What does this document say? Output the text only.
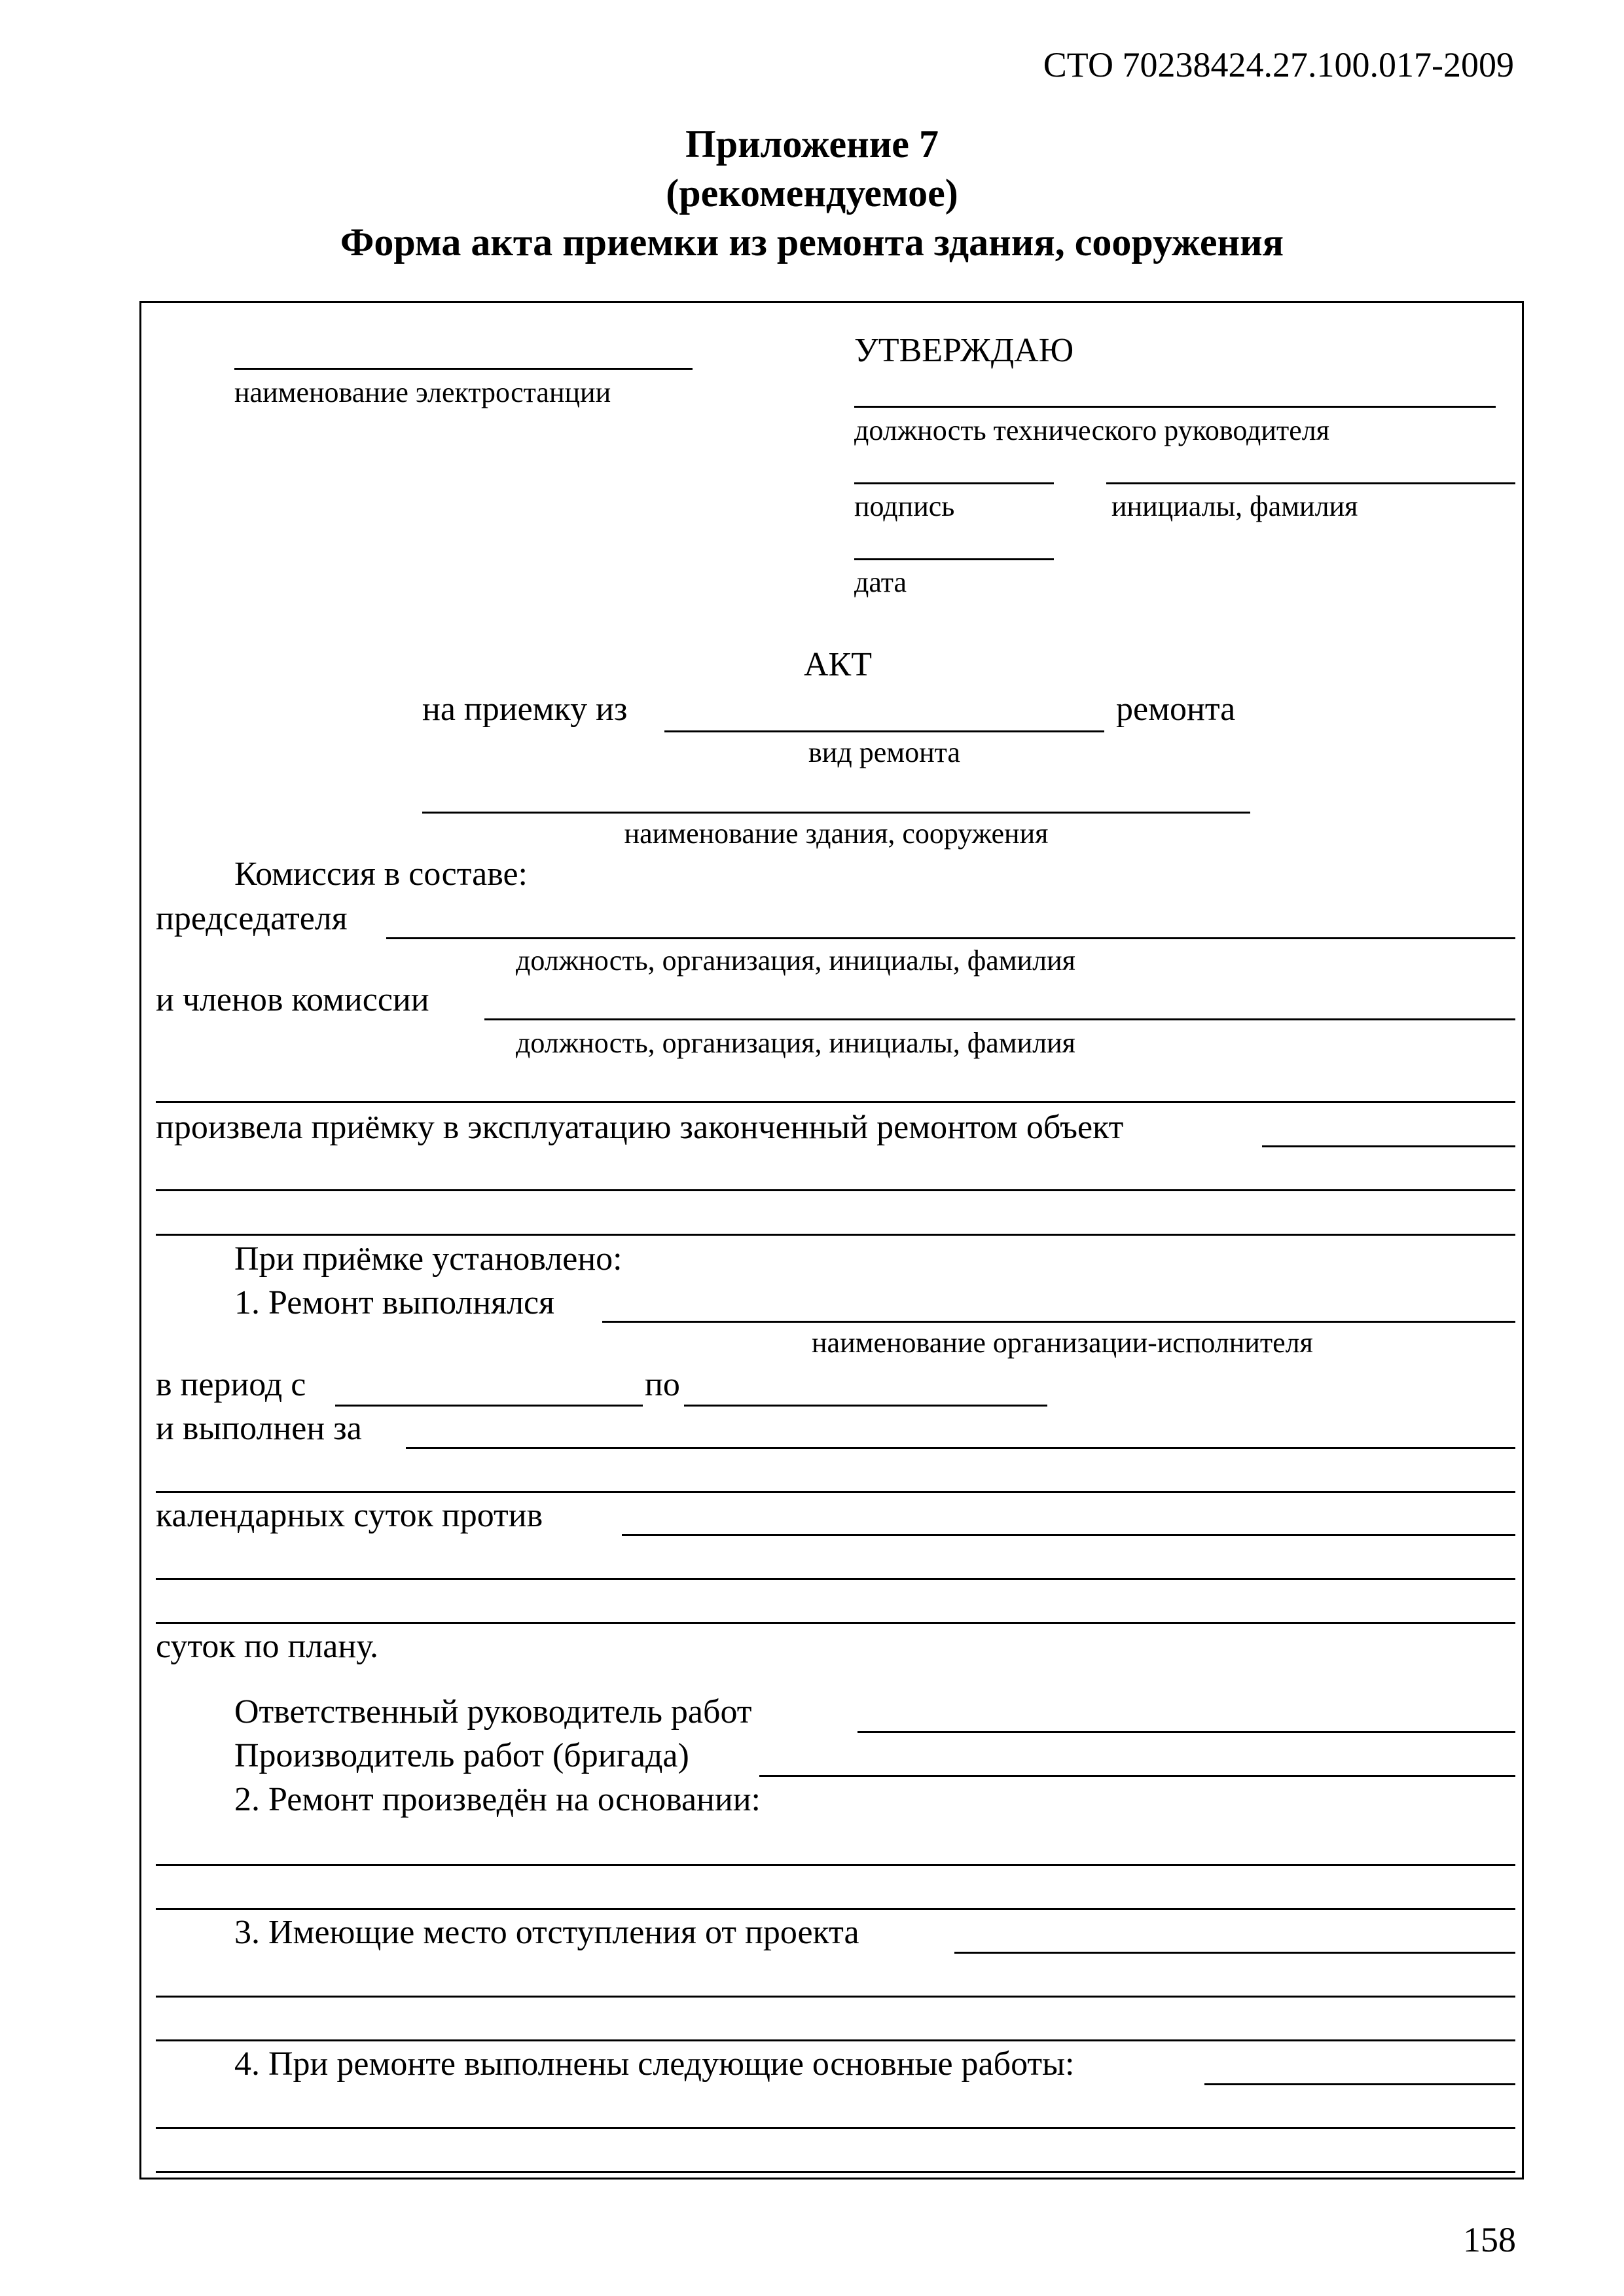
СТО 70238424.27.100.017-2009
Приложение 7
(рекомендуемое)
Форма акта приемки из ремонта здания, сооружения
наименование электростанции
УТВЕРЖДАЮ
должность технического руководителя
подпись	инициалы, фамилия
дата
АКТ
на приемку из	ремонта
вид ремонта
наименование здания, сооружения
Комиссия в составе:
председателя
должность, организация, инициалы, фамилия
и членов комиссии
должность, организация, инициалы, фамилия
произвела приёмку в эксплуатацию законченный ремонтом объект
При приёмке установлено:
1. Ремонт выполнялся
наименование организации-исполнителя
в период с	по
и выполнен за
календарных суток против
суток по плану.
Ответственный руководитель работ
Производитель работ (бригада)
2. Ремонт произведён на основании:
3. Имеющие место отступления от проекта
4. При ремонте выполнены следующие основные работы:
158
